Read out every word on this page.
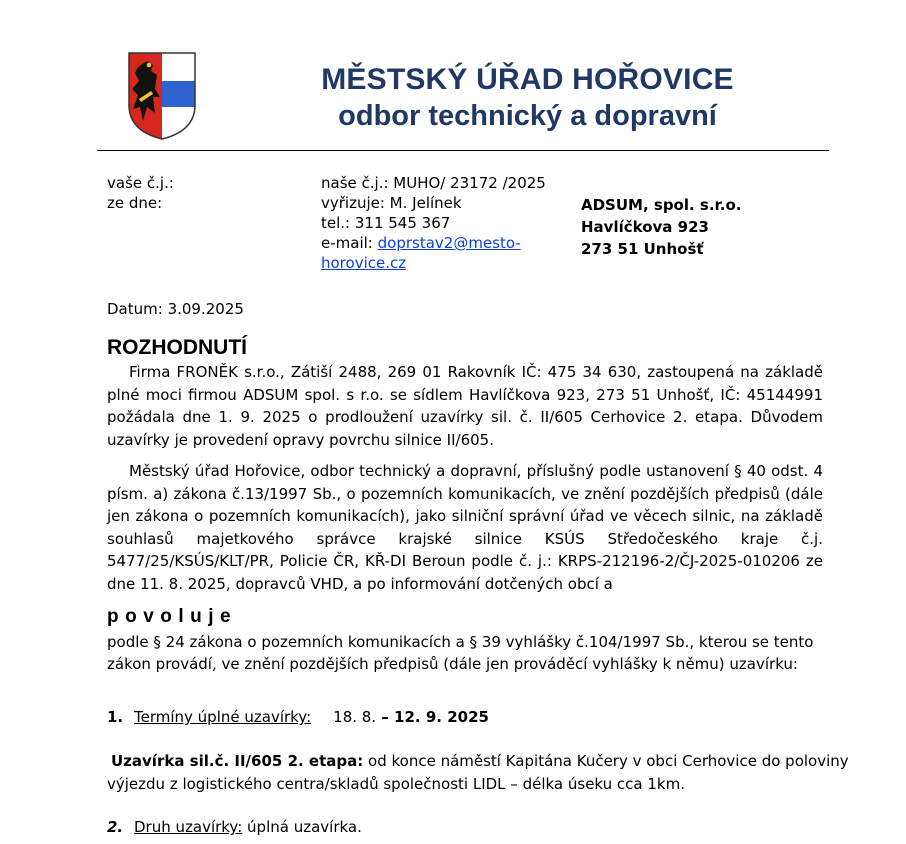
MĚSTSKÝ ÚŘAD HOŘOVICE
odbor technický a dopravní
vaše č.j.:
ze dne:
naše č.j.: MUHO/ 23172 /2025
vyřizuje: M. Jelínek
tel.: 311 545 367
e-mail: doprstav2@mesto-
horovice.cz
ADSUM, spol. s.r.o.
Havlíčkova 923
273 51 Unhošť
Datum: 3.09.2025
ROZHODNUTÍ

Firma FRONĚK s.r.o., Zátiší 2488, 269 01 Rakovník IČ: 475 34 630, zastoupená na základě plné moci firmou ADSUM spol. s r.o. se sídlem Havlíčkova 923, 273 51 Unhošť, IČ: 45144991 požádala dne 1. 9. 2025 o prodloužení uzavírky sil. č. II/605 Cerhovice 2. etapa. Důvodem uzavírky je provedení opravy povrchu silnice II/605.

Městský úřad Hořovice, odbor technický a dopravní, příslušný podle ustanovení § 40 odst. 4 písm. a) zákona č.13/1997 Sb., o pozemních komunikacích, ve znění pozdějších předpisů (dále jen zákona o pozemních komunikacích), jako silniční správní úřad ve věcech silnic, na základě souhlasů majetkového správce krajské silnice KSÚS Středočeského kraje č.j. 5477/25/KSÚS/KLT/PR, Policie ČR, KŘ-DI Beroun podle č. j.: KRPS-212196-2/ČJ-2025-010206 ze dne 11. 8. 2025, dopravců VHD, a po informování dotčených obcí a

povoluje
podle § 24 zákona o pozemních komunikacích a § 39 vyhlášky č.104/1997 Sb., kterou se tento
zákon provádí, ve znění pozdějších předpisů (dále jen prováděcí vyhlášky k němu) uzavírku:
1. Termíny úplné uzavírky: 18. 8. – 12. 9. 2025
Uzavírka sil.č. II/605 2. etapa: od konce náměstí Kapitána Kučery v obci Cerhovice do poloviny
výjezdu z logistického centra/skladů společnosti LIDL – délka úseku cca 1km.
2. Druh uzavírky: úplná uzavírka.
